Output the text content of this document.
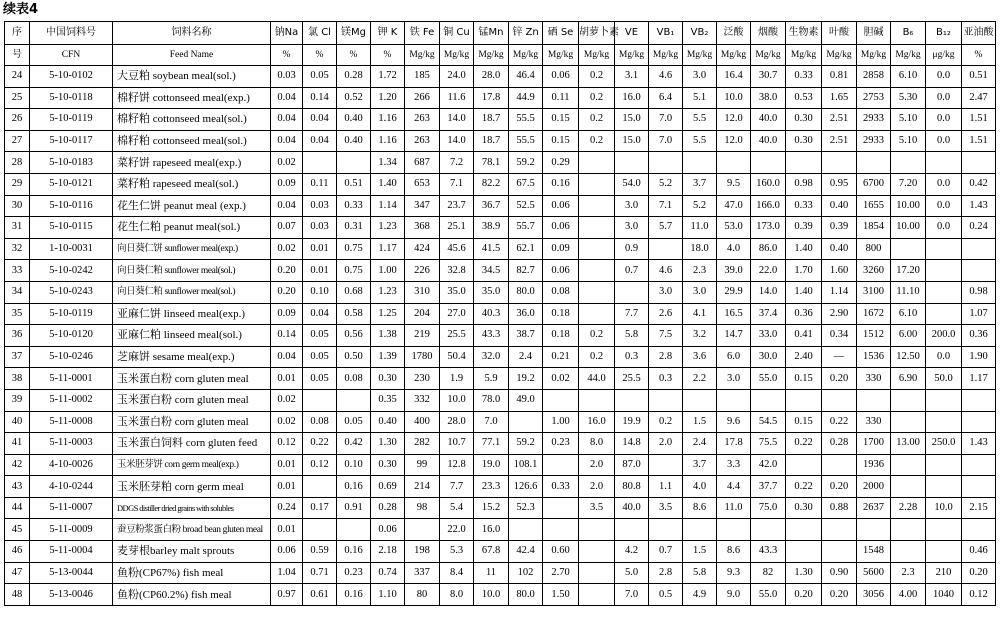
续表4
序	中国饲料号	饲料名称	钠Na	氯 Cl	镁Mg	钾 K	铁 Fe	铜 Cu	锰Mn	锌 Zn	硒 Se	胡萝卜素	VE	VB₁	VB₂	泛酸	烟酸	生物素	叶酸	胆碱	B₆	B₁₂	亚油酸
号	CFN	Feed Name	%	%	%	%	Mg/kg	Mg/kg	Mg/kg	Mg/kg	Mg/kg	Mg/kg	Mg/kg	Mg/kg	Mg/kg	Mg/kg	Mg/kg	Mg/kg	Mg/kg	Mg/kg	Mg/kg	μg/kg	%
24	5-10-0102	大豆粕 soybean meal(sol.)	0.03	0.05	0.28	1.72	185	24.0	28.0	46.4	0.06	0.2	3.1	4.6	3.0	16.4	30.7	0.33	0.81	2858	6.10	0.0	0.51
25	5-10-0118	棉籽饼 cottonseed meal(exp.)	0.04	0.14	0.52	1.20	266	11.6	17.8	44.9	0.11	0.2	16.0	6.4	5.1	10.0	38.0	0.53	1.65	2753	5.30	0.0	2.47
26	5-10-0119	棉籽粕 cottonseed meal(sol.)	0.04	0.04	0.40	1.16	263	14.0	18.7	55.5	0.15	0.2	15.0	7.0	5.5	12.0	40.0	0.30	2.51	2933	5.10	0.0	1.51
27	5-10-0117	棉籽粕 cottonseed meal(sol.)	0.04	0.04	0.40	1.16	263	14.0	18.7	55.5	0.15	0.2	15.0	7.0	5.5	12.0	40.0	0.30	2.51	2933	5.10	0.0	1.51
28	5-10-0183	菜籽饼 rapeseed meal(exp.)	0.02			1.34	687	7.2	78.1	59.2	0.29												
29	5-10-0121	菜籽粕 rapeseed meal(sol.)	0.09	0.11	0.51	1.40	653	7.1	82.2	67.5	0.16		54.0	5.2	3.7	9.5	160.0	0.98	0.95	6700	7.20	0.0	0.42
30	5-10-0116	花生仁饼 peanut meal (exp.)	0.04	0.03	0.33	1.14	347	23.7	36.7	52.5	0.06		3.0	7.1	5.2	47.0	166.0	0.33	0.40	1655	10.00	0.0	1.43
31	5-10-0115	花生仁粕 peanut meal(sol.)	0.07	0.03	0.31	1.23	368	25.1	38.9	55.7	0.06		3.0	5.7	11.0	53.0	173.0	0.39	0.39	1854	10.00	0.0	0.24
32	1-10-0031	向日葵仁饼 sunflower meal(exp.)	0.02	0.01	0.75	1.17	424	45.6	41.5	62.1	0.09		0.9		18.0	4.0	86.0	1.40	0.40	800			
33	5-10-0242	向日葵仁粕 sunflower meal(sol.)	0.20	0.01	0.75	1.00	226	32.8	34.5	82.7	0.06		0.7	4.6	2.3	39.0	22.0	1.70	1.60	3260	17.20		
34	5-10-0243	向日葵仁粕 sunflower meal(sol.)	0.20	0.10	0.68	1.23	310	35.0	35.0	80.0	0.08			3.0	3.0	29.9	14.0	1.40	1.14	3100	11.10		0.98
35	5-10-0119	亚麻仁饼 linseed meal(exp.)	0.09	0.04	0.58	1.25	204	27.0	40.3	36.0	0.18		7.7	2.6	4.1	16.5	37.4	0.36	2.90	1672	6.10		1.07
36	5-10-0120	亚麻仁粕 linseed meal(sol.)	0.14	0.05	0.56	1.38	219	25.5	43.3	38.7	0.18	0.2	5.8	7.5	3.2	14.7	33.0	0.41	0.34	1512	6.00	200.0	0.36
37	5-10-0246	芝麻饼 sesame meal(exp.)	0.04	0.05	0.50	1.39	1780	50.4	32.0	2.4	0.21	0.2	0.3	2.8	3.6	6.0	30.0	2.40	—	1536	12.50	0.0	1.90
38	5-11-0001	玉米蛋白粉 corn gluten meal	0.01	0.05	0.08	0.30	230	1.9	5.9	19.2	0.02	44.0	25.5	0.3	2.2	3.0	55.0	0.15	0.20	330	6.90	50.0	1.17
39	5-11-0002	玉米蛋白粉 corn gluten meal	0.02			0.35	332	10.0	78.0	49.0													
40	5-11-0008	玉米蛋白粉 corn gluten meal	0.02	0.08	0.05	0.40	400	28.0	7.0		1.00	16.0	19.9	0.2	1.5	9.6	54.5	0.15	0.22	330			
41	5-11-0003	玉米蛋白饲料 corn gluten feed	0.12	0.22	0.42	1.30	282	10.7	77.1	59.2	0.23	8.0	14.8	2.0	2.4	17.8	75.5	0.22	0.28	1700	13.00	250.0	1.43
42	4-10-0026	玉米胚芽饼 corn germ meal(exp.)	0.01	0.12	0.10	0.30	99	12.8	19.0	108.1		2.0	87.0		3.7	3.3	42.0			1936			
43	4-10-0244	玉米胚芽粕 corn germ meal	0.01		0.16	0.69	214	7.7	23.3	126.6	0.33	2.0	80.8	1.1	4.0	4.4	37.7	0.22	0.20	2000			
44	5-11-0007	DDGS distiller dried grains with solubles	0.24	0.17	0.91	0.28	98	5.4	15.2	52.3		3.5	40.0	3.5	8.6	11.0	75.0	0.30	0.88	2637	2.28	10.0	2.15
45	5-11-0009	蚕豆粉浆蛋白粉 broad bean gluten meal	0.01			0.06		22.0	16.0														
46	5-11-0004	麦芽根barley malt sprouts	0.06	0.59	0.16	2.18	198	5.3	67.8	42.4	0.60		4.2	0.7	1.5	8.6	43.3			1548			0.46
47	5-13-0044	鱼粉(CP67%) fish meal	1.04	0.71	0.23	0.74	337	8.4	11	102	2.70		5.0	2.8	5.8	9.3	82	1.30	0.90	5600	2.3	210	0.20
48	5-13-0046	鱼粉(CP60.2%) fish meal	0.97	0.61	0.16	1.10	80	8.0	10.0	80.0	1.50		7.0	0.5	4.9	9.0	55.0	0.20	0.20	3056	4.00	1040	0.12
